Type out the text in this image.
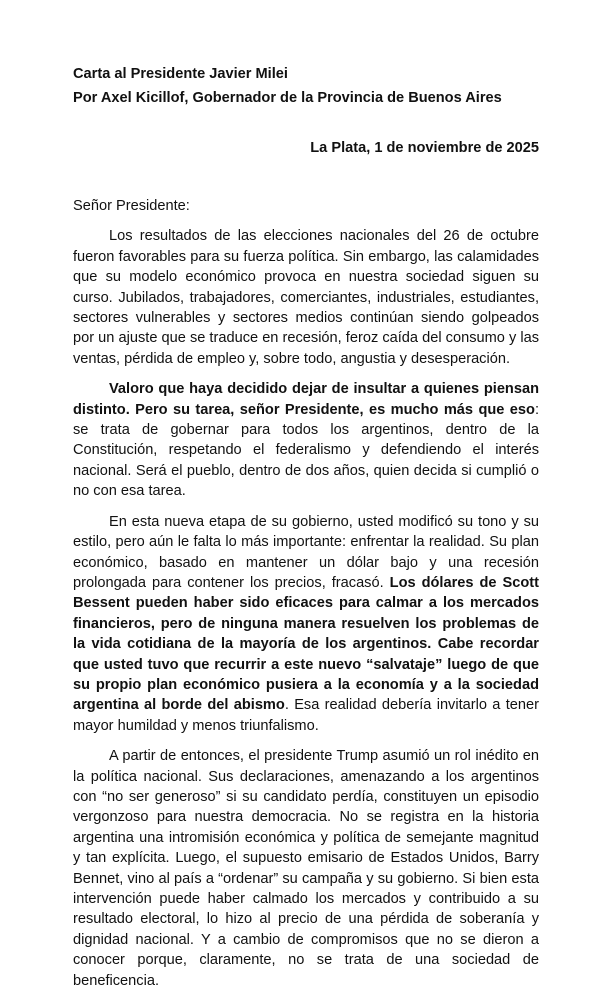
Carta al Presidente Javier Milei
Por Axel Kicillof, Gobernador de la Provincia de Buenos Aires
La Plata, 1 de noviembre de 2025
Señor Presidente:

Los resultados de las elecciones nacionales del 26 de octubre fueron favorables para su fuerza política. Sin embargo, las calamidades que su modelo económico provoca en nuestra sociedad siguen su curso. Jubilados, trabajadores, comerciantes, industriales, estudiantes, sectores vulnerables y sectores medios continúan siendo golpeados por un ajuste que se traduce en recesión, feroz caída del consumo y las ventas, pérdida de empleo y, sobre todo, angustia y desesperación.

Valoro que haya decidido dejar de insultar a quienes piensan distinto. Pero su tarea, señor Presidente, es mucho más que eso: se trata de gobernar para todos los argentinos, dentro de la Constitución, respetando el federalismo y defendiendo el interés nacional. Será el pueblo, dentro de dos años, quien decida si cumplió o no con esa tarea.

En esta nueva etapa de su gobierno, usted modificó su tono y su estilo, pero aún le falta lo más importante: enfrentar la realidad. Su plan económico, basado en mantener un dólar bajo y una recesión prolongada para contener los precios, fracasó. Los dólares de Scott Bessent pueden haber sido eficaces para calmar a los mercados financieros, pero de ninguna manera resuelven los problemas de la vida cotidiana de la mayoría de los argentinos. Cabe recordar que usted tuvo que recurrir a este nuevo “salvataje” luego de que su propio plan económico pusiera a la economía y a la sociedad argentina al borde del abismo. Esa realidad debería invitarlo a tener mayor humildad y menos triunfalismo.

A partir de entonces, el presidente Trump asumió un rol inédito en la política nacional. Sus declaraciones, amenazando a los argentinos con “no ser generoso” si su candidato perdía, constituyen un episodio vergonzoso para nuestra democracia. No se registra en la historia argentina una intromisión económica y política de semejante magnitud y tan explícita. Luego, el supuesto emisario de Estados Unidos, Barry Bennet, vino al país a “ordenar” su campaña y su gobierno. Si bien esta intervención puede haber calmado los mercados y contribuido a su resultado electoral, lo hizo al precio de una pérdida de soberanía y dignidad nacional. Y a cambio de compromisos que no se dieron a conocer porque, claramente, no se trata de una sociedad de beneficencia.
